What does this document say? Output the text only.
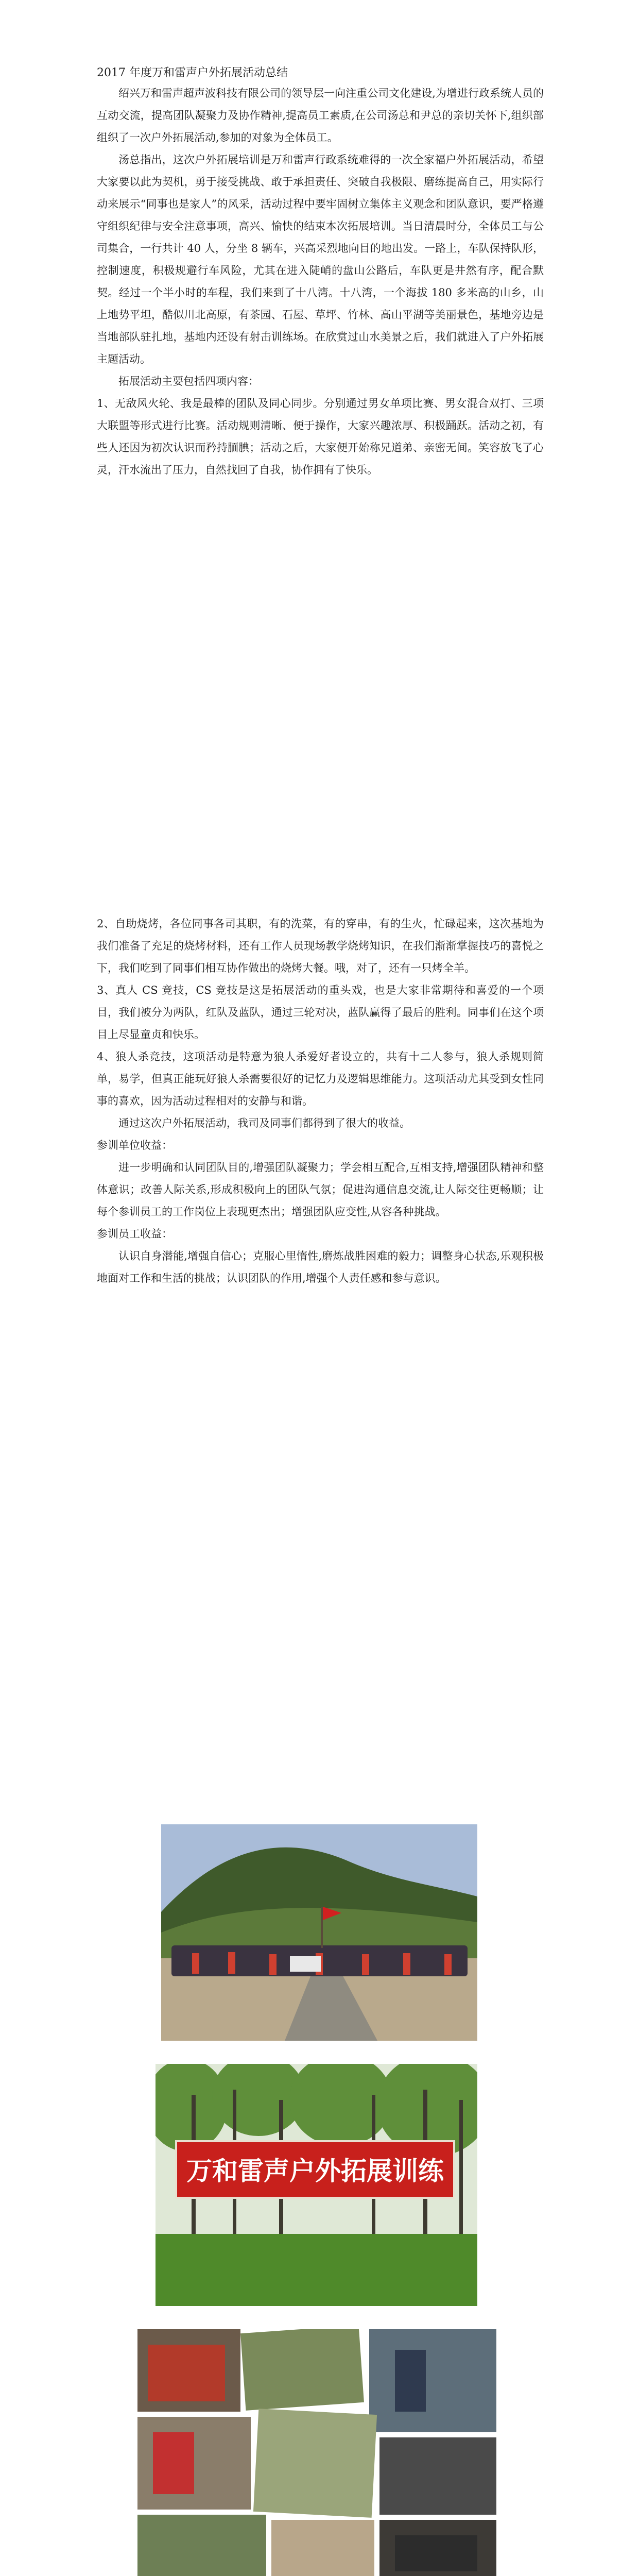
2017 年度万和雷声户外拓展活动总结

绍兴万和雷声超声波科技有限公司的领导层一向注重公司文化建设,为增进行政系统人员的互动交流，提高团队凝聚力及协作精神,提高员工素质,在公司汤总和尹总的亲切关怀下,组织部组织了一次户外拓展活动,参加的对象为全体员工。

汤总指出，这次户外拓展培训是万和雷声行政系统难得的一次全家福户外拓展活动，希望大家要以此为契机，勇于接受挑战、敢于承担责任、突破自我极限、磨练提高自己，用实际行动来展示“同事也是家人”的风采，活动过程中要牢固树立集体主义观念和团队意识，要严格遵守组织纪律与安全注意事项，高兴、愉快的结束本次拓展培训。当日清晨时分，全体员工与公司集合，一行共计 40 人，分坐 8 辆车，兴高采烈地向目的地出发。一路上，车队保持队形，控制速度，积极规避行车风险，尤其在进入陡峭的盘山公路后，车队更是井然有序，配合默契。经过一个半小时的车程，我们来到了十八湾。十八湾，一个海拔 180 多米高的山乡，山上地势平坦，酷似川北高原，有茶园、石屋、草坪、竹林、高山平湖等美丽景色，基地旁边是当地部队驻扎地，基地内还设有射击训练场。在欣赏过山水美景之后，我们就进入了户外拓展主题活动。

拓展活动主要包括四项内容：

1、无敌风火轮、我是最棒的团队及同心同步。分别通过男女单项比赛、男女混合双打、三项大联盟等形式进行比赛。活动规则清晰、便于操作，大家兴趣浓厚、积极踊跃。活动之初，有些人还因为初次认识而矜持腼腆；活动之后，大家便开始称兄道弟、亲密无间。笑容放飞了心灵，汗水流出了压力，自然找回了自我，协作拥有了快乐。

2、自助烧烤，各位同事各司其职，有的洗菜，有的穿串，有的生火，忙碌起来，这次基地为我们准备了充足的烧烤材料，还有工作人员现场教学烧烤知识，在我们渐渐掌握技巧的喜悦之下，我们吃到了同事们相互协作做出的烧烤大餐。哦，对了，还有一只烤全羊。

3、真人 CS 竞技，CS 竞技是这是拓展活动的重头戏，也是大家非常期待和喜爱的一个项目，我们被分为两队，红队及蓝队，通过三轮对决，蓝队赢得了最后的胜利。同事们在这个项目上尽显童贞和快乐。

4、狼人杀竞技，这项活动是特意为狼人杀爱好者设立的，共有十二人参与，狼人杀规则简单，易学，但真正能玩好狼人杀需要很好的记忆力及逻辑思维能力。这项活动尤其受到女性同事的喜欢，因为活动过程相对的安静与和谐。

通过这次户外拓展活动，我司及同事们都得到了很大的收益。

参训单位收益：

进一步明确和认同团队目的,增强团队凝聚力；学会相互配合,互相支持,增强团队精神和整体意识；改善人际关系,形成积极向上的团队气氛；促进沟通信息交流,让人际交往更畅顺；让每个参训员工的工作岗位上表现更杰出；增强团队应变性,从容各种挑战。

参训员工收益：

认识自身潜能,增强自信心；克服心里惰性,磨炼战胜困难的毅力；调整身心状态,乐观积极地面对工作和生活的挑战；认识团队的作用,增强个人责任感和参与意识。

万和雷声户外拓展训练
